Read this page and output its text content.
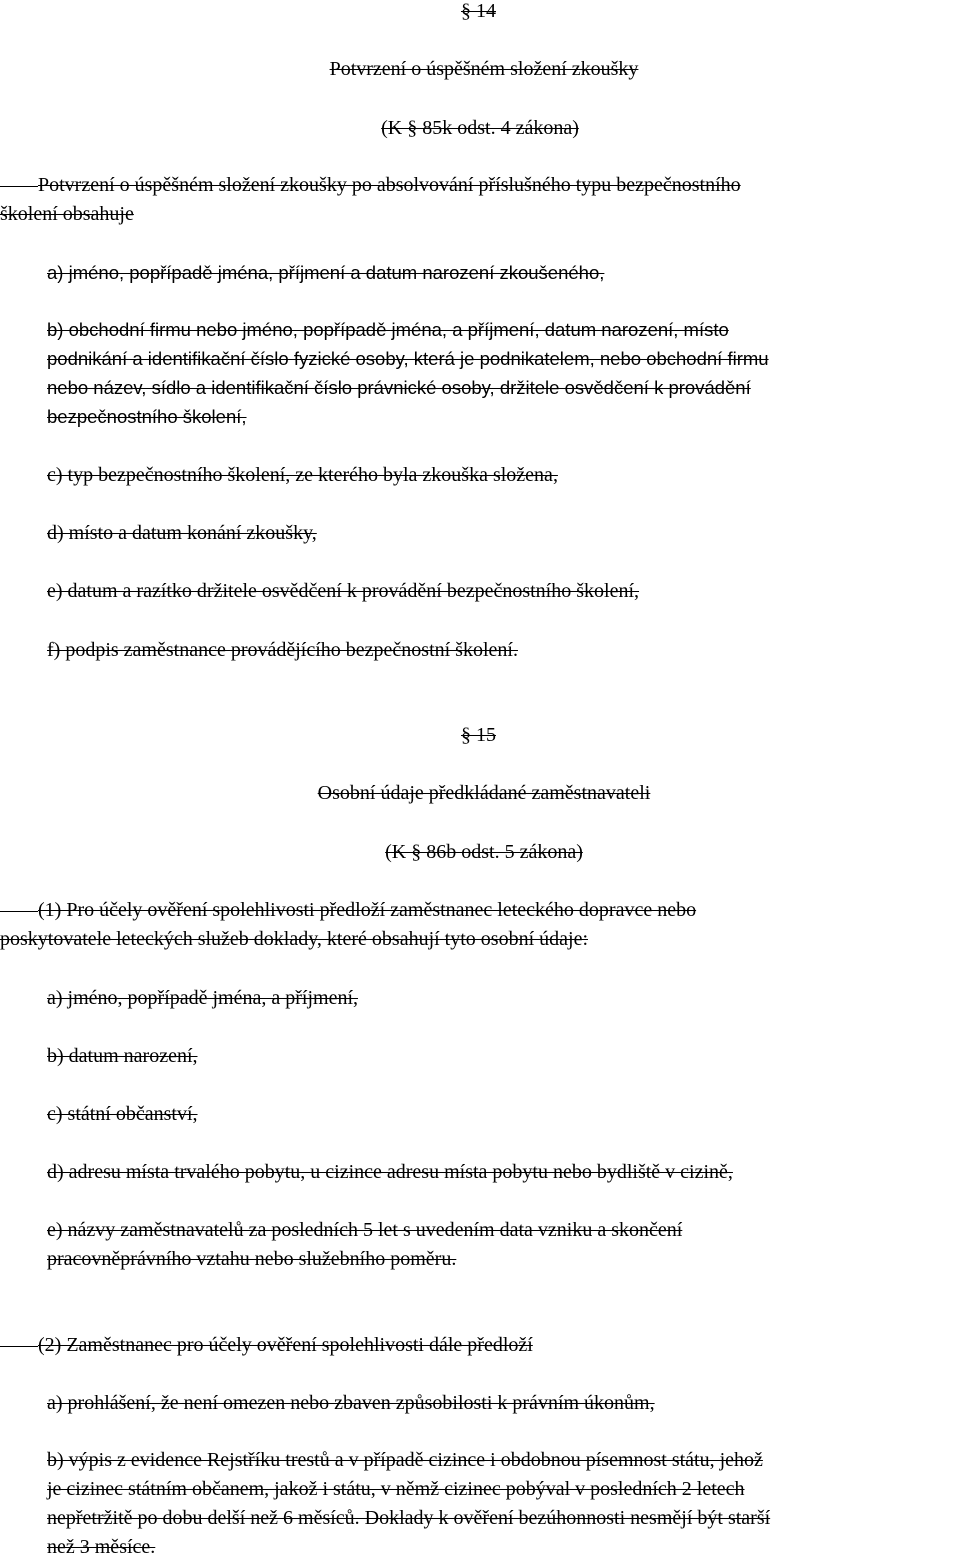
§ 14
Potvrzení o úspěšném složení zkoušky
(K § 85k odst. 4 zákona)
Potvrzení o úspěšném složení zkoušky po absolvování příslušného typu bezpečnostního
školení obsahuje
a) jméno, popřípadě jména, příjmení a datum narození zkoušeného,
b) obchodní firmu nebo jméno, popřípadě jména, a příjmení, datum narození, místo
podnikání a identifikační číslo fyzické osoby, která je podnikatelem, nebo obchodní firmu
nebo název, sídlo a identifikační číslo právnické osoby, držitele osvědčení k provádění
bezpečnostního školení,
c) typ bezpečnostního školení, ze kterého byla zkouška složena,
d) místo a datum konání zkoušky,
e) datum a razítko držitele osvědčení k provádění bezpečnostního školení,
f) podpis zaměstnance provádějícího bezpečnostní školení.
§ 15
Osobní údaje předkládané zaměstnavateli
(K § 86b odst. 5 zákona)
(1) Pro účely ověření spolehlivosti předloží zaměstnanec leteckého dopravce nebo
poskytovatele leteckých služeb doklady, které obsahují tyto osobní údaje:
a) jméno, popřípadě jména, a příjmení,
b) datum narození,
c) státní občanství,
d) adresu místa trvalého pobytu, u cizince adresu místa pobytu nebo bydliště v cizině,
e) názvy zaměstnavatelů za posledních 5 let s uvedením data vzniku a skončení
pracovněprávního vztahu nebo služebního poměru.
(2) Zaměstnanec pro účely ověření spolehlivosti dále předloží
a) prohlášení, že není omezen nebo zbaven způsobilosti k právním úkonům,
b) výpis z evidence Rejstříku trestů a v případě cizince i obdobnou písemnost státu, jehož
je cizinec státním občanem, jakož i státu, v němž cizinec pobýval v posledních 2 letech
nepřetržitě po dobu delší než 6 měsíců. Doklady k ověření bezúhonnosti nesmějí být starší
než 3 měsíce.
